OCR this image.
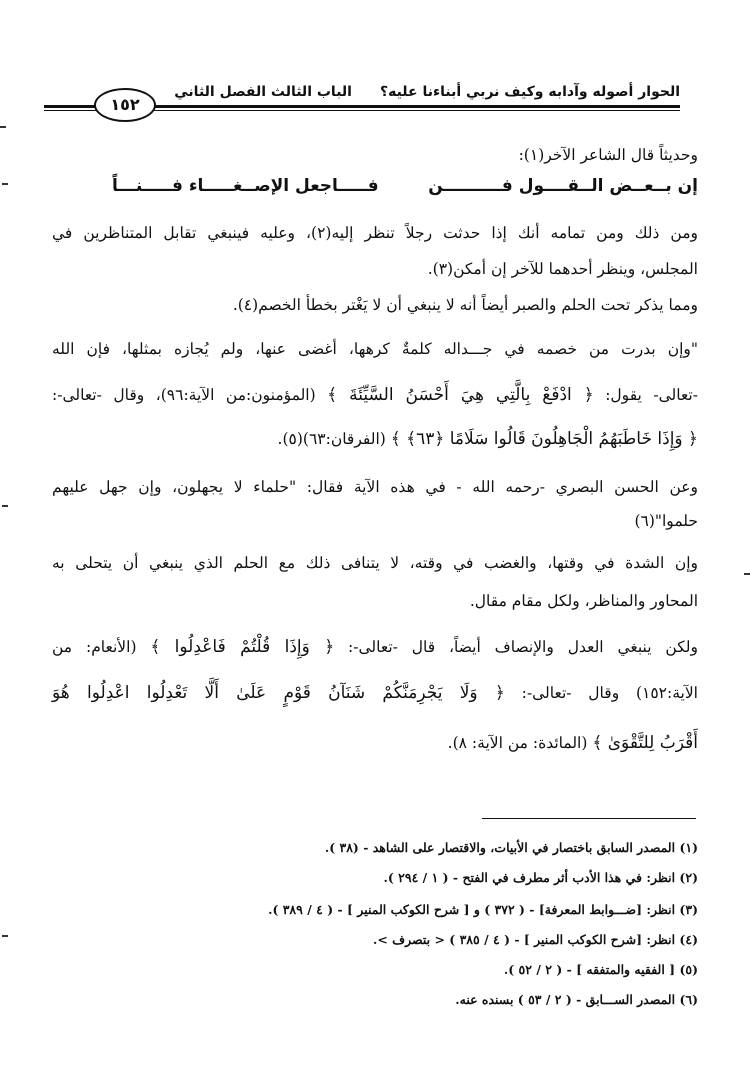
الحوار أصوله وآدابه وكيف نربي أبناءنا عليه؟الباب الثالث الفصل الثاني
١٥٢
وحديثاً قال الشاعر الآخر(١):
إن بــعــض الــقــــول فــــــــــن
فـــــاجعل الإصــغـــــاء فـــــنـــاً
ومن ذلك ومن تمامه أنك إذا حدثت رجلاً تنظر إليه(٢)، وعليه فينبغي تقابل المتناظرين في
المجلس، وينظر أحدهما للآخر إن أمكن(٣).
ومما يذكر تحت الحلم والصبر أيضاً أنه لا ينبغي أن لا يَغْتر بخطأ الخصم(٤).
"وإن بدرت من خصمه في جـــداله كلمةٌ كرهها، أغضى عنها، ولم يُجازه بمثلها، فإن الله
-تعالى- يقول: ﴿ ادْفَعْ بِالَّتِي هِيَ أَحْسَنُ السَّيِّئَةَ ﴾ (المؤمنون:من الآية:٩٦)، وقال -تعالى-:
﴿ وَإِذَا خَاطَبَهُمُ الْجَاهِلُونَ قَالُوا سَلَامًا ﴿٦٣﴾ ﴾ (الفرقان:٦٣)(٥).
وعن الحسن البصري -رحمه الله - في هذه الآية فقال: "حلماء لا يجهلون، وإن جهل عليهم
حلموا"(٦)
وإن الشدة في وقتها، والغضب في وقته، لا يتنافى ذلك مع الحلم الذي ينبغي أن يتحلى به
المحاور والمناظر، ولكل مقام مقال.
ولكن ينبغي العدل والإنصاف أيضاً، قال -تعالى-: ﴿ وَإِذَا قُلْتُمْ فَاعْدِلُوا ﴾ (الأنعام: من
الآية:١٥٢) وقال -تعالى-: ﴿ وَلَا يَجْرِمَنَّكُمْ شَنَآنُ قَوْمٍ عَلَىٰ أَلَّا تَعْدِلُوا اعْدِلُوا هُوَ
أَقْرَبُ لِلتَّقْوَىٰ ﴾ (المائدة: من الآية: ٨).
(١) المصدر السابق باختصار في الأبيات، والاقتصار على الشاهد - (٣٨ ).
(٢) انظر: في هذا الأدب أثر مطرف في الفتح - ( ١ / ٢٩٤ ).
(٣) انظر: [ضـــوابط المعرفة] - ( ٣٧٢ ) و [ شرح الكوكب المنير ] - ( ٤ / ٣٨٩ ).
(٤) انظر: [شرح الكوكب المنير ] - ( ٤ / ٣٨٥ ) < بتصرف >.
(٥) [ الفقيه والمتفقه ] - ( ٢ / ٥٢ ).
(٦) المصدر الســـابق - ( ٢ / ٥٣ ) بسنده عنه.
